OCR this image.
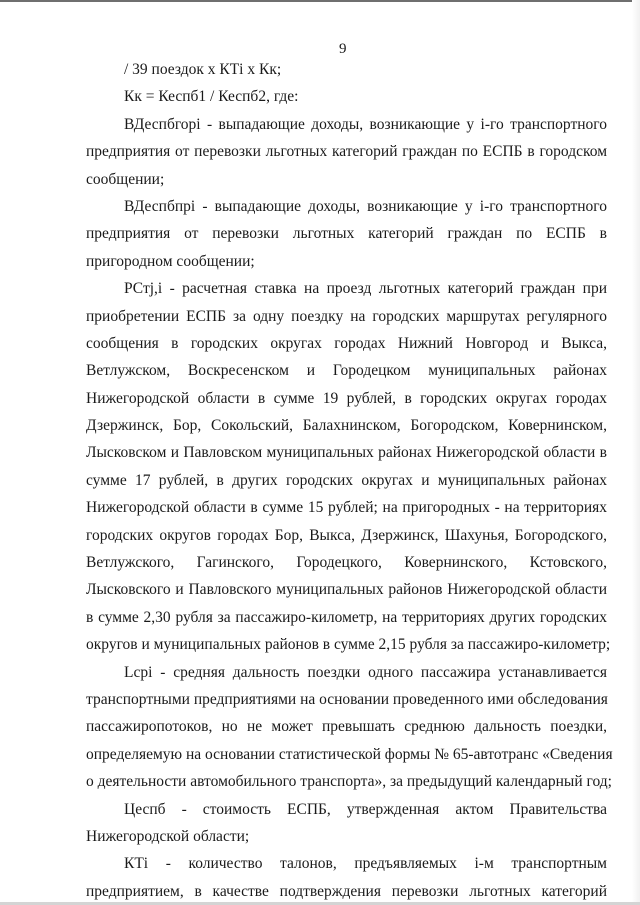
9
/ 39 поездок х КТі х Кк;
Кк = Кеспб1 / Кеспб2, где:
ВДеспбгорі - выпадающие доходы, возникающие у і-го транспортного
предприятия от перевозки льготных категорий граждан по ЕСПБ в городском
сообщении;
ВДеспбпрі - выпадающие доходы, возникающие у і-го транспортного
предприятия от перевозки льготных категорий граждан по ЕСПБ в
пригородном сообщении;
РСтj,і - расчетная ставка на проезд льготных категорий граждан при
приобретении ЕСПБ за одну поездку на городских маршрутах регулярного
сообщения в городских округах городах Нижний Новгород и Выкса,
Ветлужском, Воскресенском и Городецком муниципальных районах
Нижегородской области в сумме 19 рублей, в городских округах городах
Дзержинск, Бор, Сокольский, Балахнинском, Богородском, Ковернинском,
Лысковском и Павловском муниципальных районах Нижегородской области в
сумме 17 рублей, в других городских округах и муниципальных районах
Нижегородской области в сумме 15 рублей; на пригородных - на территориях
городских округов городах Бор, Выкса, Дзержинск, Шахунья, Богородского,
Ветлужского, Гагинского, Городецкого, Ковернинского, Кстовского,
Лысковского и Павловского муниципальных районов Нижегородской области
в сумме 2,30 рубля за пассажиро-километр, на территориях других городских
округов и муниципальных районов в сумме 2,15 рубля за пассажиро-километр;
Lсрі - средняя дальность поездки одного пассажира устанавливается
транспортными предприятиями на основании проведенного ими обследования
пассажиропотоков, но не может превышать среднюю дальность поездки,
определяемую на основании статистической формы № 65-автотранс «Сведения
о деятельности автомобильного транспорта», за предыдущий календарный год;
Цеспб - стоимость ЕСПБ, утвержденная актом Правительства
Нижегородской области;
КТі - количество талонов, предъявляемых і-м транспортным
предприятием, в качестве подтверждения перевозки льготных категорий
